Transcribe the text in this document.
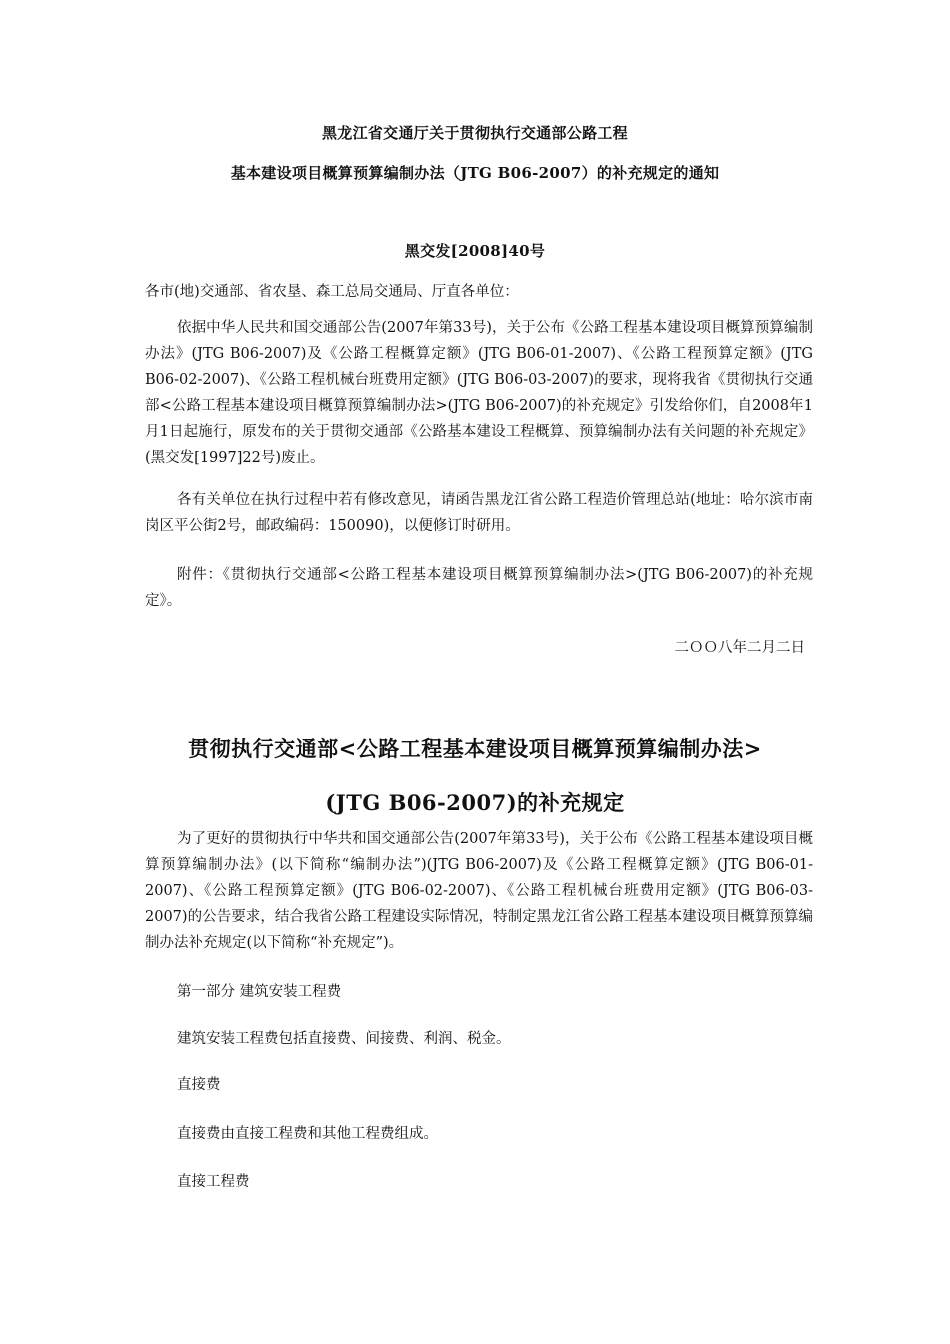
黑龙江省交通厅关于贯彻执行交通部公路工程
基本建设项目概算预算编制办法（JTG B06-2007）的补充规定的通知
黑交发[2008]40号
各市(地)交通部、省农垦、森工总局交通局、厅直各单位：
依据中华人民共和国交通部公告(2007年第33号)，关于公布《公路工程基本建设项目概算预算编制办法》(JTG B06-2007)及《公路工程概算定额》(JTG B06-01-2007)、《公路工程预算定额》(JTG B06-02-2007)、《公路工程机械台班费用定额》(JTG B06-03-2007)的要求，现将我省《贯彻执行交通部<公路工程基本建设项目概算预算编制办法>(JTG B06-2007)的补充规定》引发给你们，自2008年1月1日起施行，原发布的关于贯彻交通部《公路基本建设工程概算、预算编制办法有关问题的补充规定》(黑交发[1997]22号)废止。
各有关单位在执行过程中若有修改意见，请函告黑龙江省公路工程造价管理总站(地址：哈尔滨市南岗区平公街2号，邮政编码：150090)，以便修订时研用。
附件：《贯彻执行交通部<公路工程基本建设项目概算预算编制办法>(JTG B06-2007)的补充规定》。
二ＯＯ八年二月二日
贯彻执行交通部<公路工程基本建设项目概算预算编制办法>
(JTG B06-2007)的补充规定
为了更好的贯彻执行中华共和国交通部公告(2007年第33号)，关于公布《公路工程基本建设项目概算预算编制办法》(以下简称“编制办法”)(JTG B06-2007)及《公路工程概算定额》(JTG B06-01-2007)、《公路工程预算定额》(JTG B06-02-2007)、《公路工程机械台班费用定额》(JTG B06-03-2007)的公告要求，结合我省公路工程建设实际情况，特制定黑龙江省公路工程基本建设项目概算预算编制办法补充规定(以下简称“补充规定”)。
第一部分 建筑安装工程费
建筑安装工程费包括直接费、间接费、利润、税金。
直接费
直接费由直接工程费和其他工程费组成。
直接工程费
